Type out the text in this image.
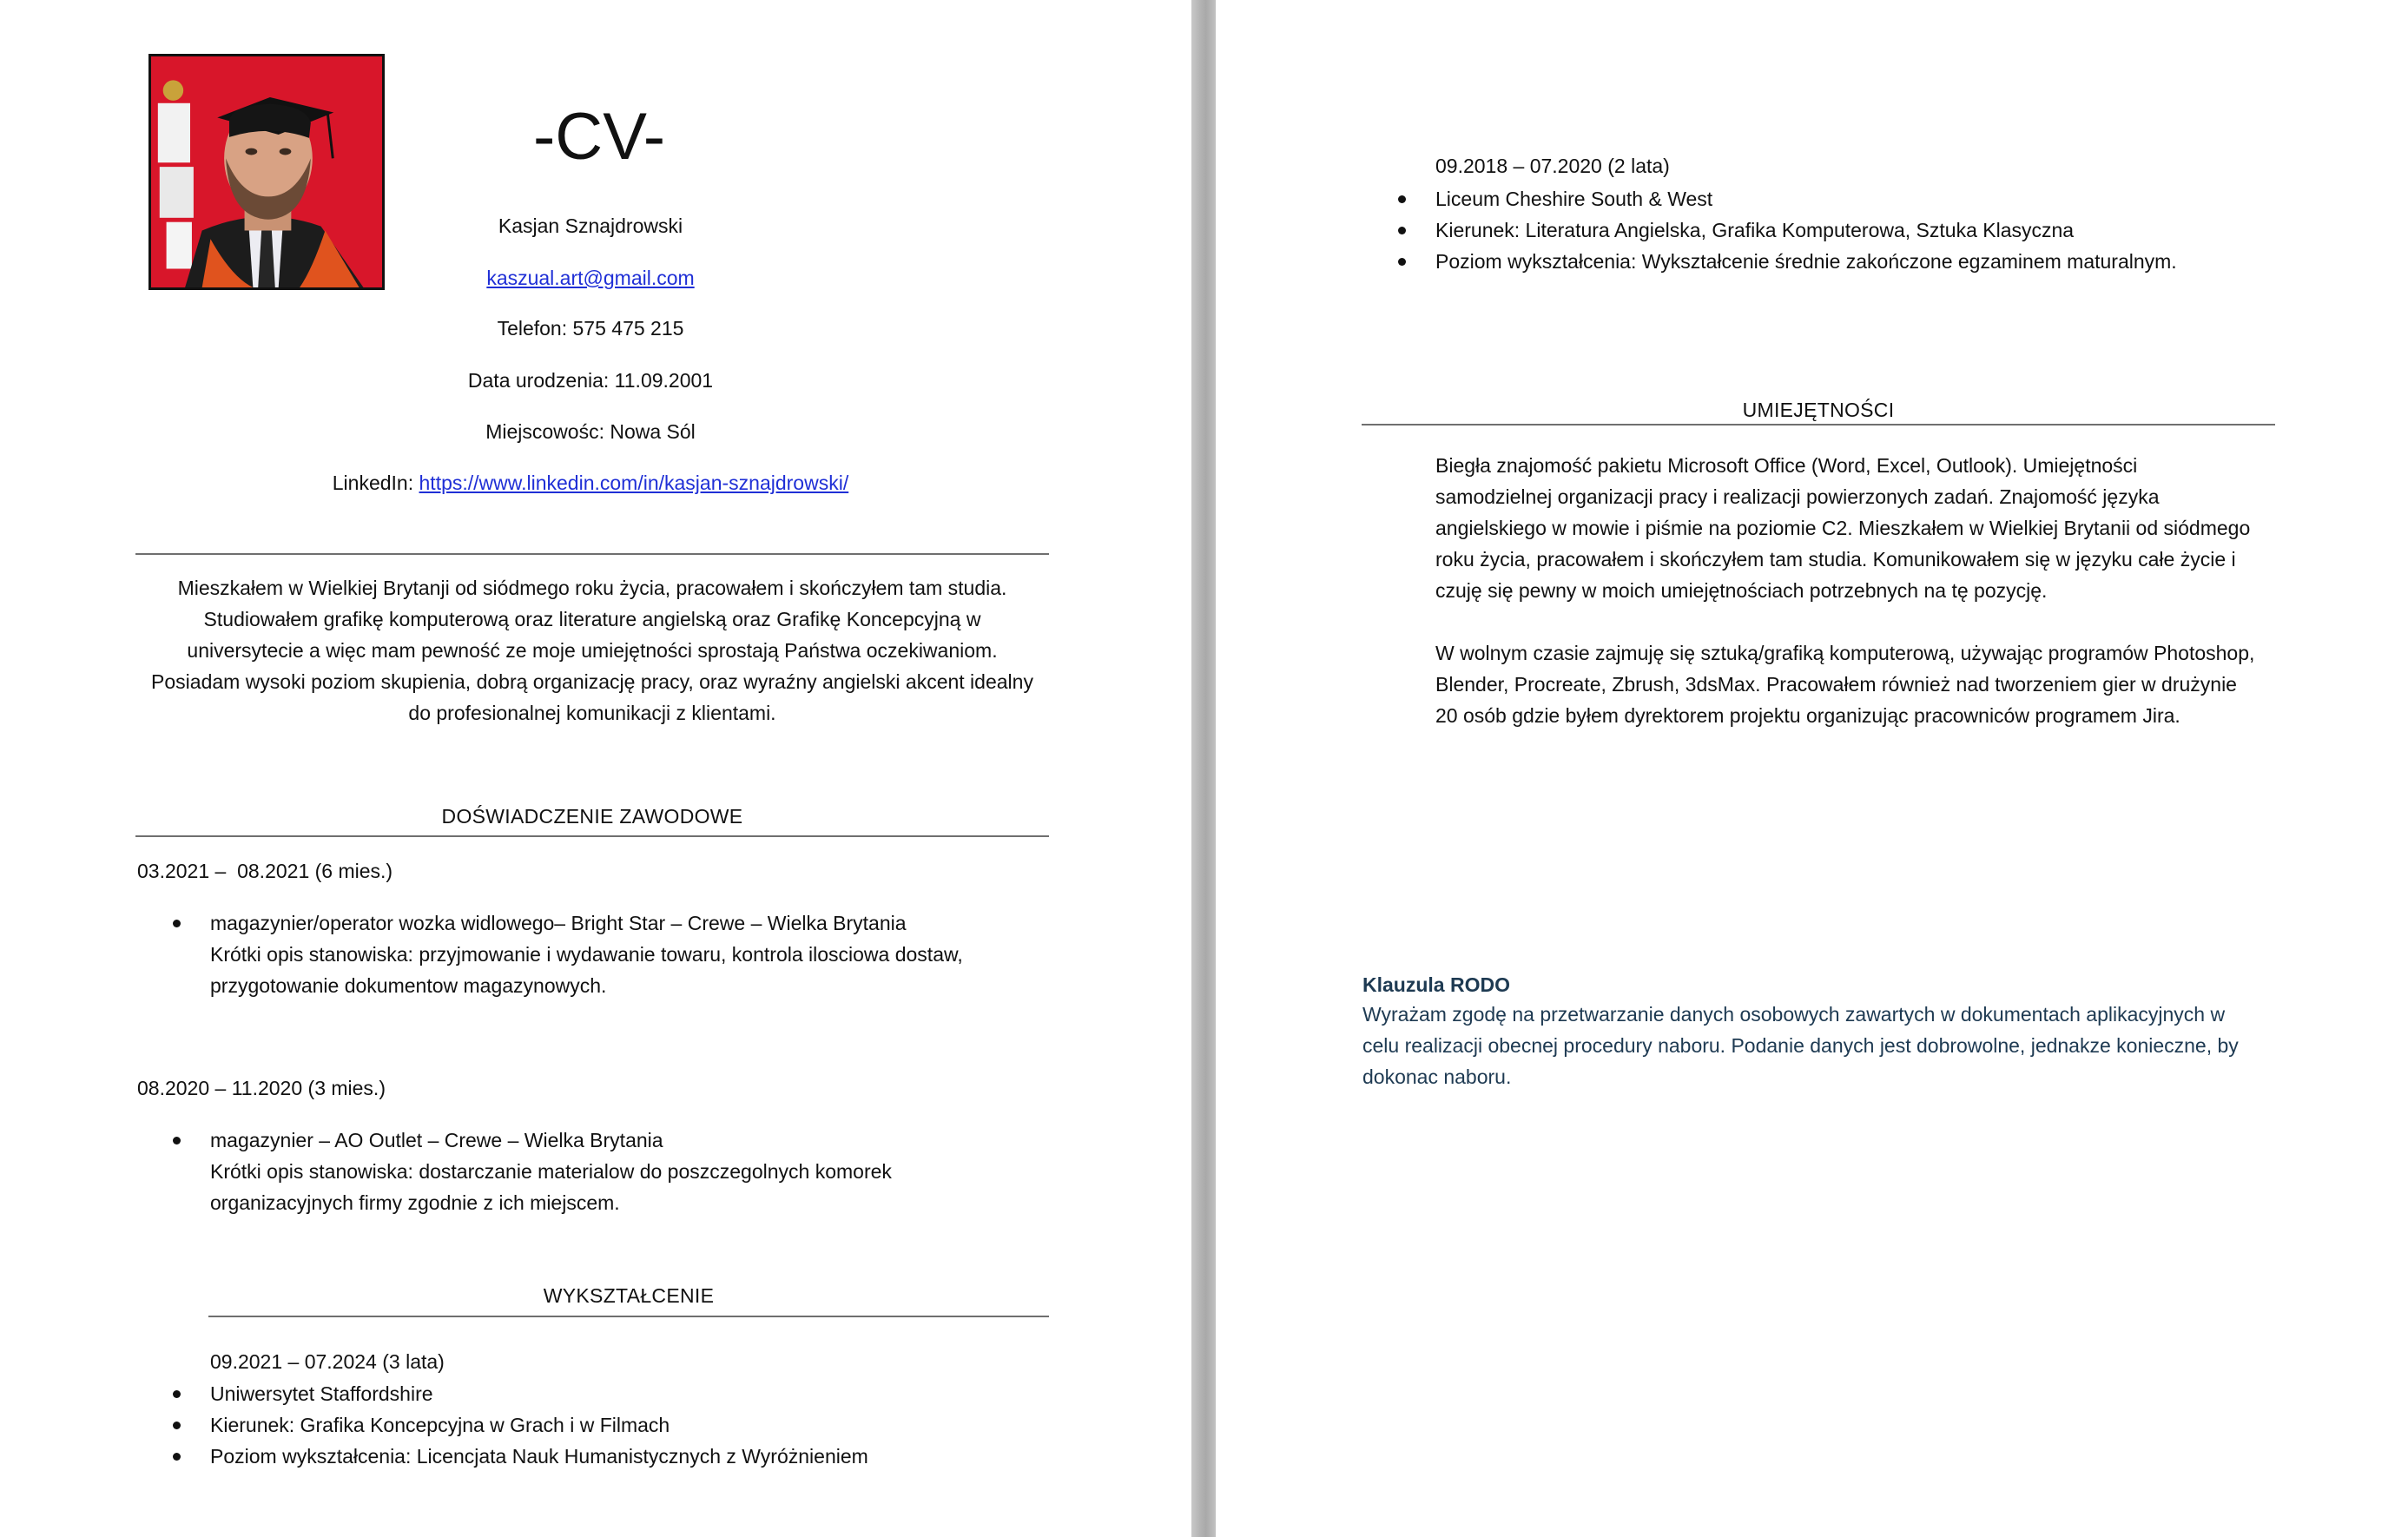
-CV-
Kasjan Sznajdrowski
kaszual.art@gmail.com
Telefon: 575 475 215
Data urodzenia: 11.09.2001
Miejscowośc: Nowa Sól
LinkedIn: https://www.linkedin.com/in/kasjan-sznajdrowski/
Mieszkałem w Wielkiej Brytanji od siódmego roku życia, pracowałem i skończyłem tam studia.
Studiowałem grafikę komputerową oraz literature angielską oraz Grafikę Koncepcyjną w
universytecie a więc mam pewność ze moje umiejętności sprostają Państwa oczekiwaniom.
Posiadam wysoki poziom skupienia, dobrą organizację pracy, oraz wyraźny angielski akcent idealny
do profesionalnej komunikacji z klientami.
DOŚWIADCZENIE ZAWODOWE
03.2021 –  08.2021 (6 mies.)
magazynier/operator wozka widlowego– Bright Star – Crewe – Wielka Brytania
Krótki opis stanowiska: przyjmowanie i wydawanie towaru, kontrola ilosciowa dostaw,
przygotowanie dokumentow magazynowych.
08.2020 – 11.2020 (3 mies.)
magazynier – AO Outlet – Crewe – Wielka Brytania
Krótki opis stanowiska: dostarczanie materialow do poszczegolnych komorek
organizacyjnych firmy zgodnie z ich miejscem.
WYKSZTAŁCENIE
09.2021 – 07.2024 (3 lata)
Uniwersytet Staffordshire
Kierunek: Grafika Koncepcyjna w Grach i w Filmach
Poziom wykształcenia: Licencjata Nauk Humanistycznych z Wyróżnieniem
09.2018 – 07.2020 (2 lata)
Liceum Cheshire South & West
Kierunek: Literatura Angielska, Grafika Komputerowa, Sztuka Klasyczna
Poziom wykształcenia: Wykształcenie średnie zakończone egzaminem maturalnym.
UMIEJĘTNOŚCI

Biegła znajomość pakietu Microsoft Office (Word, Excel, Outlook). Umiejętności

samodzielnej organizacji pracy i realizacji powierzonych zadań. Znajomość języka

angielskiego w mowie i piśmie na poziomie C2. Mieszkałem w Wielkiej Brytanii od siódmego

roku życia, pracowałem i skończyłem tam studia. Komunikowałem się w języku całe życie i

czuję się pewny w moich umiejętnościach potrzebnych na tę pozycję.

W wolnym czasie zajmuję się sztuką/grafiką komputerową, używając programów Photoshop,

Blender, Procreate, Zbrush, 3dsMax. Pracowałem również nad tworzeniem gier w drużynie

20 osób gdzie byłem dyrektorem projektu organizując pracowniców programem Jira.

Klauzula RODO

Wyrażam zgodę na przetwarzanie danych osobowych zawartych w dokumentach aplikacyjnych w

celu realizacji obecnej procedury naboru. Podanie danych jest dobrowolne, jednakze konieczne, by

dokonac naboru.
